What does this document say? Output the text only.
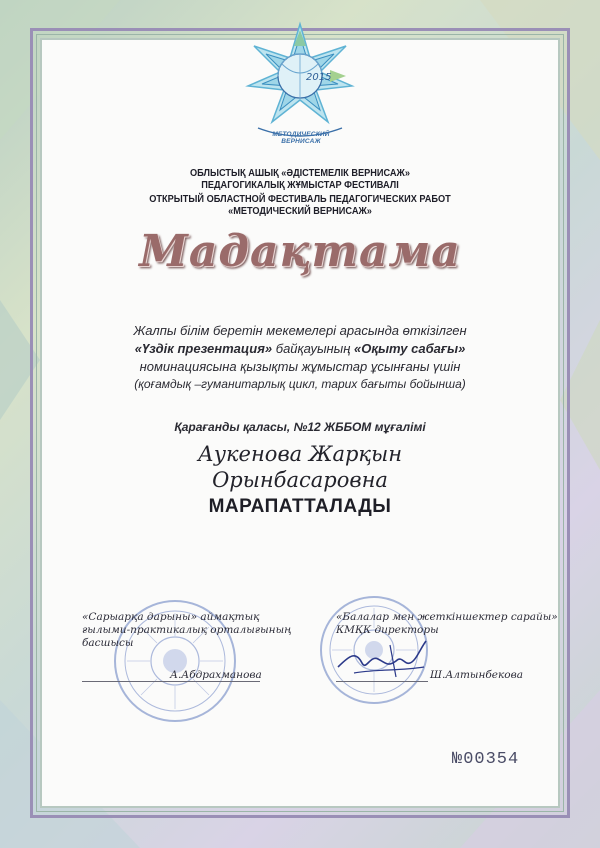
2015
МЕТОДИЧЕСКИЙ ВЕРНИСАЖ
ОБЛЫСТЫҚ АШЫҚ «ӘДІСТЕМЕЛІК ВЕРНИСАЖ»
ПЕДАГОГИКАЛЫҚ ЖҰМЫСТАР ФЕСТИВАЛІ
ОТКРЫТЫЙ ОБЛАСТНОЙ ФЕСТИВАЛЬ ПЕДАГОГИЧЕСКИХ РАБОТ
«МЕТОДИЧЕСКИЙ ВЕРНИСАЖ»
Мадақтама
Жалпы білім беретін мекемелері арасында өткізілген
«Үздік презентация» байқауының «Оқыту сабағы»
номинациясына қызықты жұмыстар ұсынғаны үшін
(қоғамдық –гуманитарлық цикл, тарих бағыты бойынша)
Қарағанды қаласы, №12 ЖББОМ мұғалімі
Аукенова Жарқын
Орынбасаровна
МАРАПАТТАЛАДЫ
«Сарыарқа дарыны» аймақтық
ғылыми-практикалық орталығының
басшысы
А.Абдрахманова
«Балалар мен жеткіншектер сарайы»
КМҚК директоры
Ш.Алтынбекова
№00354
